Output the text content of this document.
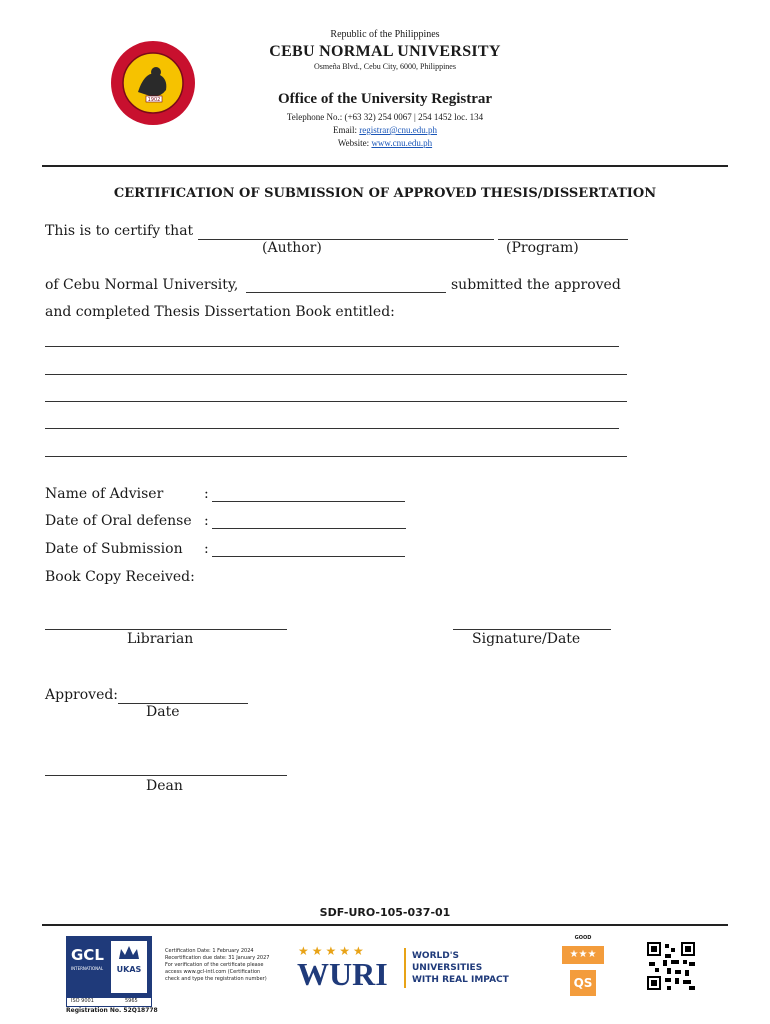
1902
Republic of the Philippines
CEBU NORMAL UNIVERSITY
Osmeña Blvd., Cebu City, 6000, Philippines
Office of the University Registrar
Telephone No.: (+63 32) 254 0067 | 254 1452 loc. 134
Email: registrar@cnu.edu.ph
Website: www.cnu.edu.ph
CERTIFICATION OF SUBMISSION OF APPROVED THESIS/DISSERTATION
This is to certify that
(Author)	(Program)
of Cebu Normal University,	submitted the approved
and completed Thesis Dissertation Book entitled:
Name of Adviser	:
Date of Oral defense :
Date of Submission :
Book Copy Received:
Librarian	Signature/Date
Approved:
Date
Dean
SDF-URO-105-037-01
GCL
INTERNATIONAL	UKAS
ISO 9001	5965
Registration No. 52Q18778
Certification Date: 1 February 2024 Recertification due date: 31 January 2027 For verification of the certificate please access www.gcl-intl.com (Certification check and type the registration number)
★★★★★
WURI	WORLD'S
UNIVERSITIES
WITH REAL IMPACT
GOOD
★★★
QS
